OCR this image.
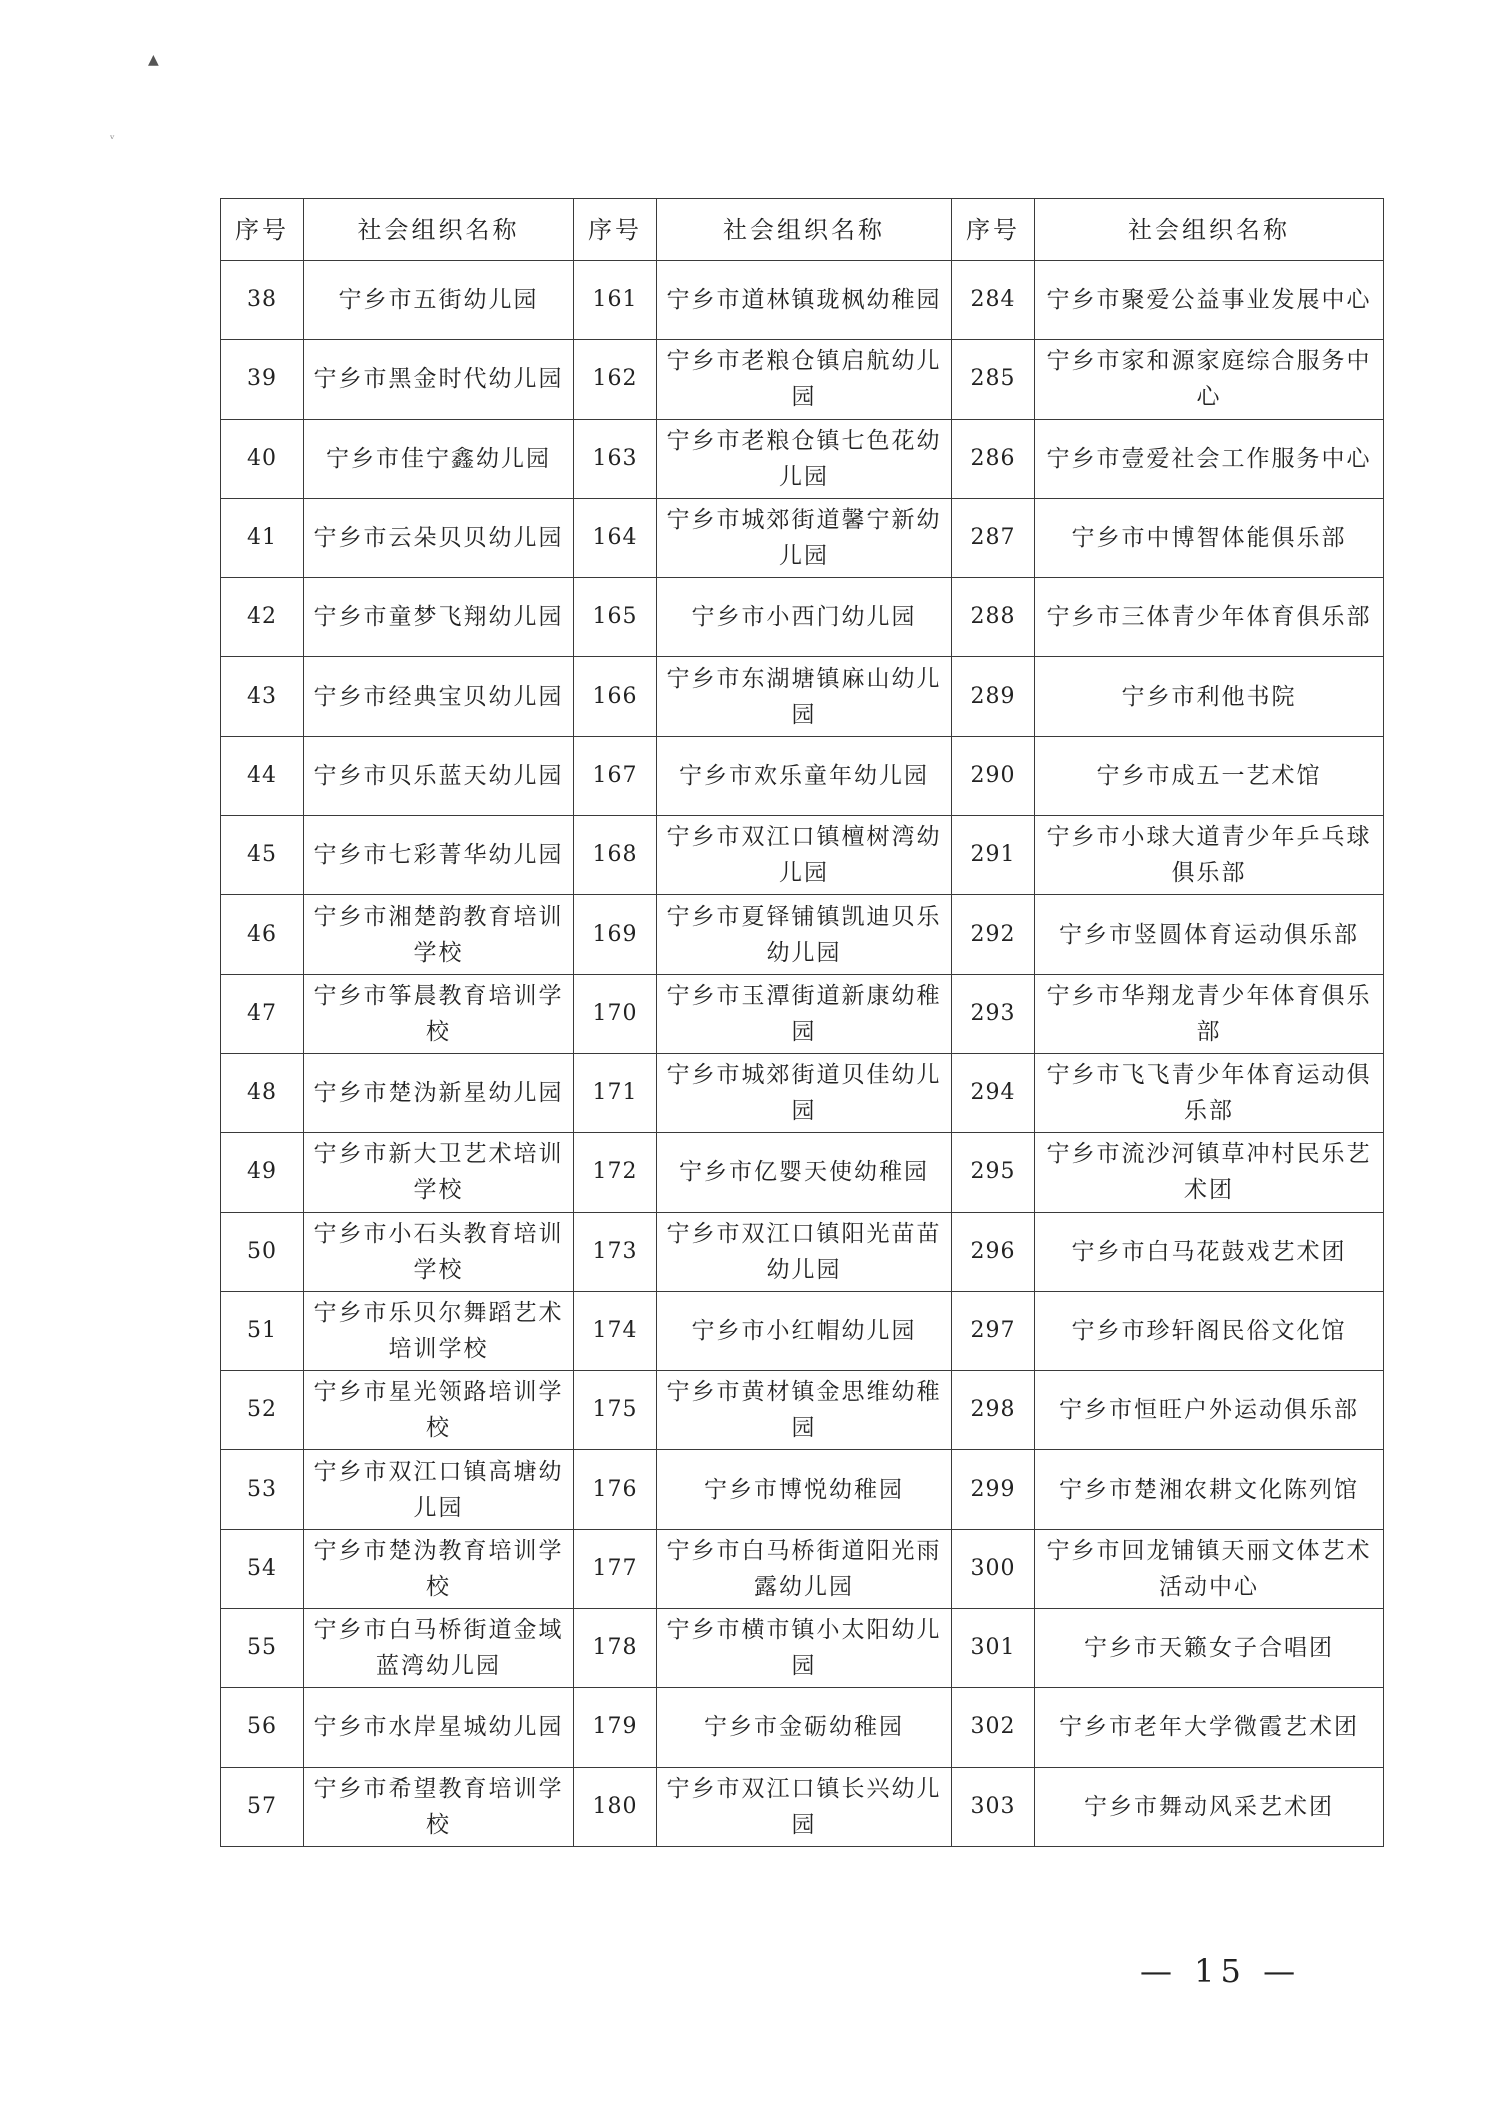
▲
ᵥ
序号	社会组织名称	序号	社会组织名称	序号	社会组织名称
38	宁乡市五街幼儿园	161	宁乡市道林镇珑枫幼稚园	284	宁乡市聚爱公益事业发展中心
39	宁乡市黑金时代幼儿园	162	宁乡市老粮仓镇启航幼儿园	285	宁乡市家和源家庭综合服务中心
40	宁乡市佳宁鑫幼儿园	163	宁乡市老粮仓镇七色花幼儿园	286	宁乡市壹爱社会工作服务中心
41	宁乡市云朵贝贝幼儿园	164	宁乡市城郊街道馨宁新幼儿园	287	宁乡市中博智体能俱乐部
42	宁乡市童梦飞翔幼儿园	165	宁乡市小西门幼儿园	288	宁乡市三体青少年体育俱乐部
43	宁乡市经典宝贝幼儿园	166	宁乡市东湖塘镇麻山幼儿园	289	宁乡市利他书院
44	宁乡市贝乐蓝天幼儿园	167	宁乡市欢乐童年幼儿园	290	宁乡市成五一艺术馆
45	宁乡市七彩菁华幼儿园	168	宁乡市双江口镇檀树湾幼儿园	291	宁乡市小球大道青少年乒乓球俱乐部
46	宁乡市湘楚韵教育培训学校	169	宁乡市夏铎铺镇凯迪贝乐幼儿园	292	宁乡市竖圆体育运动俱乐部
47	宁乡市筝晨教育培训学校	170	宁乡市玉潭街道新康幼稚园	293	宁乡市华翔龙青少年体育俱乐部
48	宁乡市楚沩新星幼儿园	171	宁乡市城郊街道贝佳幼儿园	294	宁乡市飞飞青少年体育运动俱乐部
49	宁乡市新大卫艺术培训学校	172	宁乡市亿婴天使幼稚园	295	宁乡市流沙河镇草冲村民乐艺术团
50	宁乡市小石头教育培训学校	173	宁乡市双江口镇阳光苗苗幼儿园	296	宁乡市白马花鼓戏艺术团
51	宁乡市乐贝尔舞蹈艺术培训学校	174	宁乡市小红帽幼儿园	297	宁乡市珍轩阁民俗文化馆
52	宁乡市星光领路培训学校	175	宁乡市黄材镇金思维幼稚园	298	宁乡市恒旺户外运动俱乐部
53	宁乡市双江口镇高塘幼儿园	176	宁乡市博悦幼稚园	299	宁乡市楚湘农耕文化陈列馆
54	宁乡市楚沩教育培训学校	177	宁乡市白马桥街道阳光雨露幼儿园	300	宁乡市回龙铺镇天丽文体艺术活动中心
55	宁乡市白马桥街道金域蓝湾幼儿园	178	宁乡市横市镇小太阳幼儿园	301	宁乡市天籁女子合唱团
56	宁乡市水岸星城幼儿园	179	宁乡市金砺幼稚园	302	宁乡市老年大学微霞艺术团
57	宁乡市希望教育培训学校	180	宁乡市双江口镇长兴幼儿园	303	宁乡市舞动风采艺术团
— 15 —
